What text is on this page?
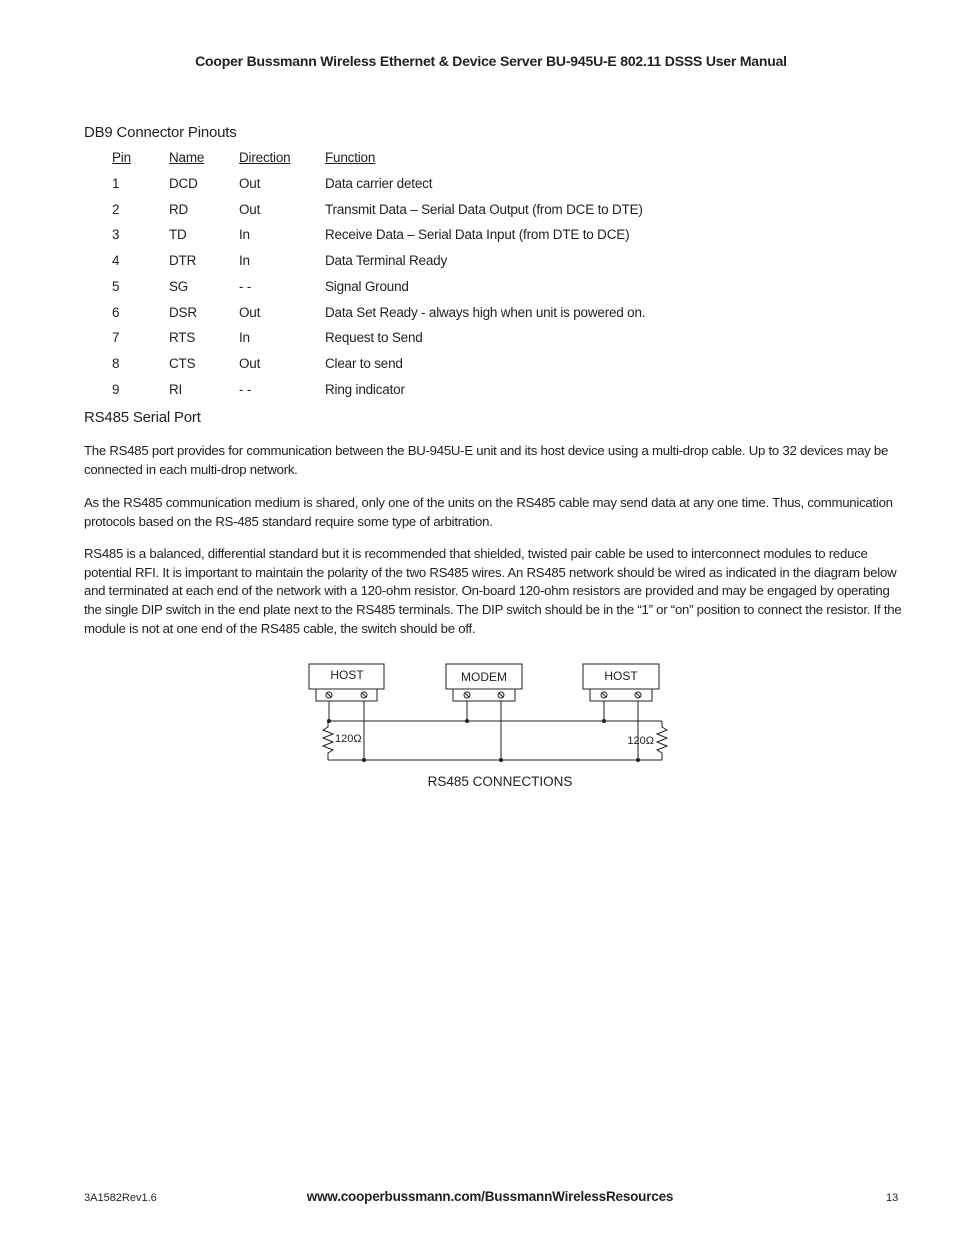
Cooper Bussmann Wireless Ethernet & Device Server BU-945U-E 802.11 DSSS User Manual
DB9 Connector Pinouts
Pin	Name	Direction	Function
1	DCD	Out	Data carrier detect
2	RD	Out	Transmit Data – Serial Data Output (from DCE to DTE)
3	TD	In	Receive Data – Serial Data Input (from DTE to DCE)
4	DTR	In	Data Terminal Ready
5	SG	- -	Signal Ground
6	DSR	Out	Data Set Ready - always high when unit is powered on.
7	RTS	In	Request to Send
8	CTS	Out	Clear to send
9	RI	- -	Ring indicator
RS485 Serial Port

The RS485 port provides for communication between the BU-945U-E unit and its host device using a multi-drop cable. Up to 32 devices may be connected in each multi-drop network.

As the RS485 communication medium is shared, only one of the units on the RS485 cable may send data at any one time. Thus, communication protocols based on the RS-485 standard require some type of arbitration.

RS485 is a balanced, differential standard but it is recommended that shielded, twisted pair cable be used to interconnect modules to reduce potential RFI. It is important to maintain the polarity of the two RS485 wires. An RS485 network should be wired as indicated in the diagram below and terminated at each end of the network with a 120-ohm resistor. On-board 120-ohm resistors are provided and may be engaged by operating the single DIP switch in the end plate next to the RS485 terminals. The DIP switch should be in the “1” or “on” position to connect the resistor. If the module is not at one end of the RS485 cable, the switch should be off.

HOST	MODEM	HOST
120Ω	120Ω
RS485 CONNECTIONS
3A1582Rev1.6	www.cooperbussmann.com/BussmannWirelessResources	13
